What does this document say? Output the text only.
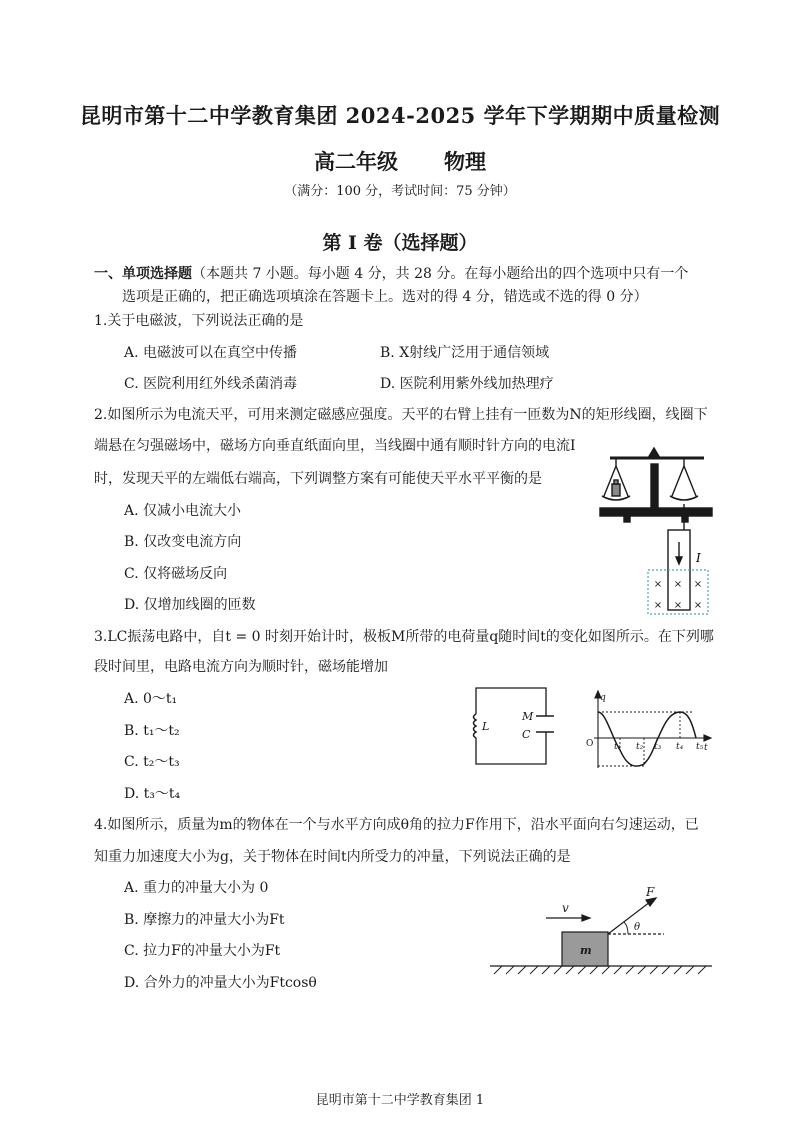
昆明市第十二中学教育集团 2024-2025 学年下学期期中质量检测
高二年级 物理
（满分：100 分，考试时间：75 分钟）
第 I 卷（选择题）
一、单项选择题（本题共 7 小题。每小题 4 分，共 28 分。在每小题给出的四个选项中只有一个
选项是正确的，把正确选项填涂在答题卡上。选对的得 4 分，错选或不选的得 0 分）
1.关于电磁波，下列说法正确的是
A. 电磁波可以在真空中传播	B. X射线广泛用于通信领域
C. 医院利用红外线杀菌消毒	D. 医院利用紫外线加热理疗
2.如图所示为电流天平，可用来测定磁感应强度。天平的右臂上挂有一匝数为N的矩形线圈，线圈下
端悬在匀强磁场中，磁场方向垂直纸面向里，当线圈中通有顺时针方向的电流I
时，发现天平的左端低右端高，下列调整方案有可能使天平水平平衡的是
A. 仅减小电流大小
B. 仅改变电流方向
C. 仅将磁场反向
D. 仅增加线圈的匝数
× × ×
× × ×
I
3.LC振荡电路中，自t = 0 时刻开始计时，极板M所带的电荷量q随时间t的变化如图所示。在下列哪
段时间里，电路电流方向为顺时针，磁场能增加
A. 0～t₁
B. t₁～t₂
C. t₂～t₃
D. t₃～t₄
L
M
C
q
t
O t₁ t₂ t₃ t₄ t₅
4.如图所示，质量为m的物体在一个与水平方向成θ角的拉力F作用下，沿水平面向右匀速运动，已
知重力加速度大小为g，关于物体在时间t内所受力的冲量，下列说法正确的是
A. 重力的冲量大小为 0
B. 摩擦力的冲量大小为Ft
C. 拉力F的冲量大小为Ft
D. 合外力的冲量大小为Ftcosθ
v
F
θ
m
昆明市第十二中学教育集团 1
